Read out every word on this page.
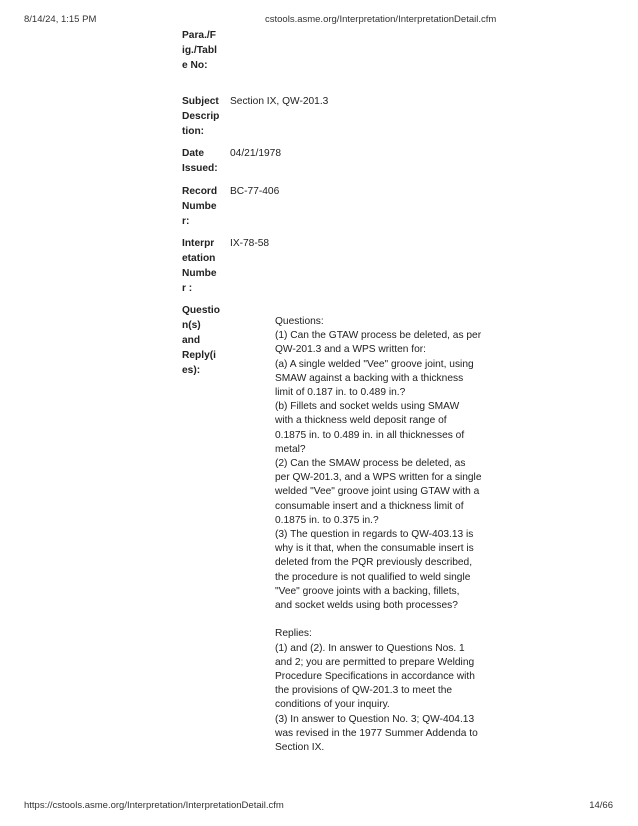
8/14/24, 1:15 PM	cstools.asme.org/Interpretation/InterpretationDetail.cfm
Para./F
ig./Tabl
e No:
Subject
Descrip
tion:
Section IX, QW-201.3
Date
Issued:
04/21/1978
Record
Numbe
r:
BC-77-406
Interpr
etation
Numbe
r :
IX-78-58
Questio
n(s)
and
Reply(i
es):
Questions:
(1) Can the GTAW process be deleted, as per
QW-201.3 and a WPS written for:
(a) A single welded "Vee" groove joint, using
SMAW against a backing with a thickness
limit of 0.187 in. to 0.489 in.?
(b) Fillets and socket welds using SMAW
with a thickness weld deposit range of
0.1875 in. to 0.489 in. in all thicknesses of
metal?
(2) Can the SMAW process be deleted, as
per QW-201.3, and a WPS written for a single
welded "Vee" groove joint using GTAW with a
consumable insert and a thickness limit of
0.1875 in. to 0.375 in.?
(3) The question in regards to QW-403.13 is
why is it that, when the consumable insert is
deleted from the PQR previously described,
the procedure is not qualified to weld single
"Vee" groove joints with a backing, fillets,
and socket welds using both processes?
Replies:
(1) and (2). In answer to Questions Nos. 1
and 2; you are permitted to prepare Welding
Procedure Specifications in accordance with
the provisions of QW-201.3 to meet the
conditions of your inquiry.
(3) In answer to Question No. 3; QW-404.13
was revised in the 1977 Summer Addenda to
Section IX.
https://cstools.asme.org/Interpretation/InterpretationDetail.cfm	14/66
